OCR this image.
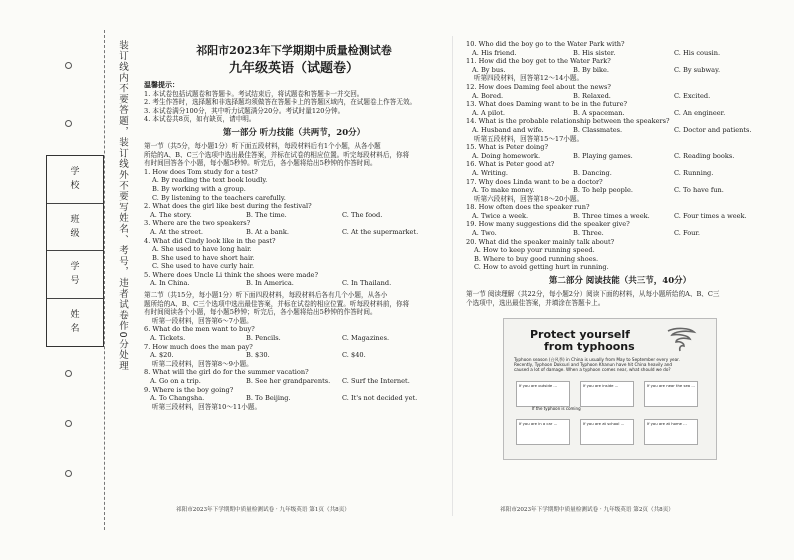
装订线内不要答题，装订线外不要写姓名、考号，违者试卷作0分处理
学校
班级
学号
姓名
祁阳市2023年下学期期中质量检测试卷
九年级英语（试题卷）
温馨提示：
1. 本试卷包括试题卷和答题卡。考试结束后，将试题卷和答题卡一并交回。
2. 考生作答时，选择题和非选择题均须做答在答题卡上的答题区域内，在试题卷上作答无效。
3. 本试卷满分100分，其中听力试题满分20分。考试时量120分钟。
4. 本试卷共8页，如有缺页，请申明。
第一部分 听力技能（共两节，20分）
第一节（共5分，每小题1分）听下面五段材料，每段材料后有1个小题，从各小题
所给的A、B、C三个选项中选出最佳答案，并标在试卷的相应位置。听完每段材料后，你将
有时间回答各个小题，每小题5秒钟。听完后，各小题将给出5秒钟的作答时间。
1. How does Tom study for a test?
A. By reading the text book loudly.
B. By working with a group.
C. By listening to the teachers carefully.
2. What does the girl like best during the festival?
A. The story.	B. The time.	C. The food.
3. Where are the two speakers?
A. At the street.	B. At a bank.	C. At the supermarket.
4. What did Cindy look like in the past?
A. She used to have long hair.
B. She used to have short hair.
C. She used to have curly hair.
5. Where does Uncle Li think the shoes were made?
A. In China.	B. In America.	C. In Thailand.
第二节（共15分，每小题1分）听下面四段材料，每段材料后各有几个小题，从各小
题所给的A、B、C三个选项中选出最佳答案，并标在试卷的相应位置。听每段材料前，你将
有时间阅读各个小题，每小题5秒钟；听完后，各小题将给出5秒钟的作答时间。
听第一段材料，回答第6～7小题。
6. What do the men want to buy?
A. Tickets.	B. Pencils.	C. Magazines.
7. How much does the man pay?
A. $20.	B. $30.	C. $40.
听第二段材料，回答第8～9小题。
8. What will the girl do for the summer vacation?
A. Go on a trip.	B. See her grandparents.	C. Surf the Internet.
9. Where is the boy going?
A. To Changsha.	B. To Beijing.	C. It's not decided yet.
听第三段材料，回答第10～11小题。
祁阳市2023年下学期期中质量检测试卷 · 九年级英语 第1页（共8页）
10. Who did the boy go to the Water Park with?
A. His friend.	B. His sister.	C. His cousin.
11. How did the boy get to the Water Park?
A. By bus.	B. By bike.	C. By subway.
听第四段材料，回答第12～14小题。
12. How does Daming feel about the news?
A. Bored.	B. Relaxed.	C. Excited.
13. What does Daming want to be in the future?
A. A pilot.	B. A spaceman.	C. An engineer.
14. What is the probable relationship between the speakers?
A. Husband and wife.	B. Classmates.	C. Doctor and patients.
听第五段材料，回答第15～17小题。
15. What is Peter doing?
A. Doing homework.	B. Playing games.	C. Reading books.
16. What is Peter good at?
A. Writing.	B. Dancing.	C. Running.
17. Why does Linda want to be a doctor?
A. To make money.	B. To help people.	C. To have fun.
听第六段材料，回答第18～20小题。
18. How often does the speaker run?
A. Twice a week.	B. Three times a week.	C. Four times a week.
19. How many suggestions did the speaker give?
A. Two.	B. Three.	C. Four.
20. What did the speaker mainly talk about?
A. How to keep your running speed.
B. Where to buy good running shoes.
C. How to avoid getting hurt in running.
第二部分 阅读技能（共三节，40分）
第一节 阅读理解（共22分，每小题2分）阅读下面的材料，从每小题所给的A、B、C三
个选项中，选出最佳答案，并填涂在答题卡上。
Protect yourself
from typhoons
Typhoon season (台风季) in China is usually from May to September every year. Recently, Typhoon Doksuri and Typhoon Khanun have hit China heavily and caused a lot of damage. When a typhoon comes near, what should we do?
If you are outside ...	If you are inside ...	If you are near the sea ...
If the typhoon is coming
If you are in a car ...	If you are at school ...	If you are at home ...
祁阳市2023年下学期期中质量检测试卷 · 九年级英语 第2页（共8页）
